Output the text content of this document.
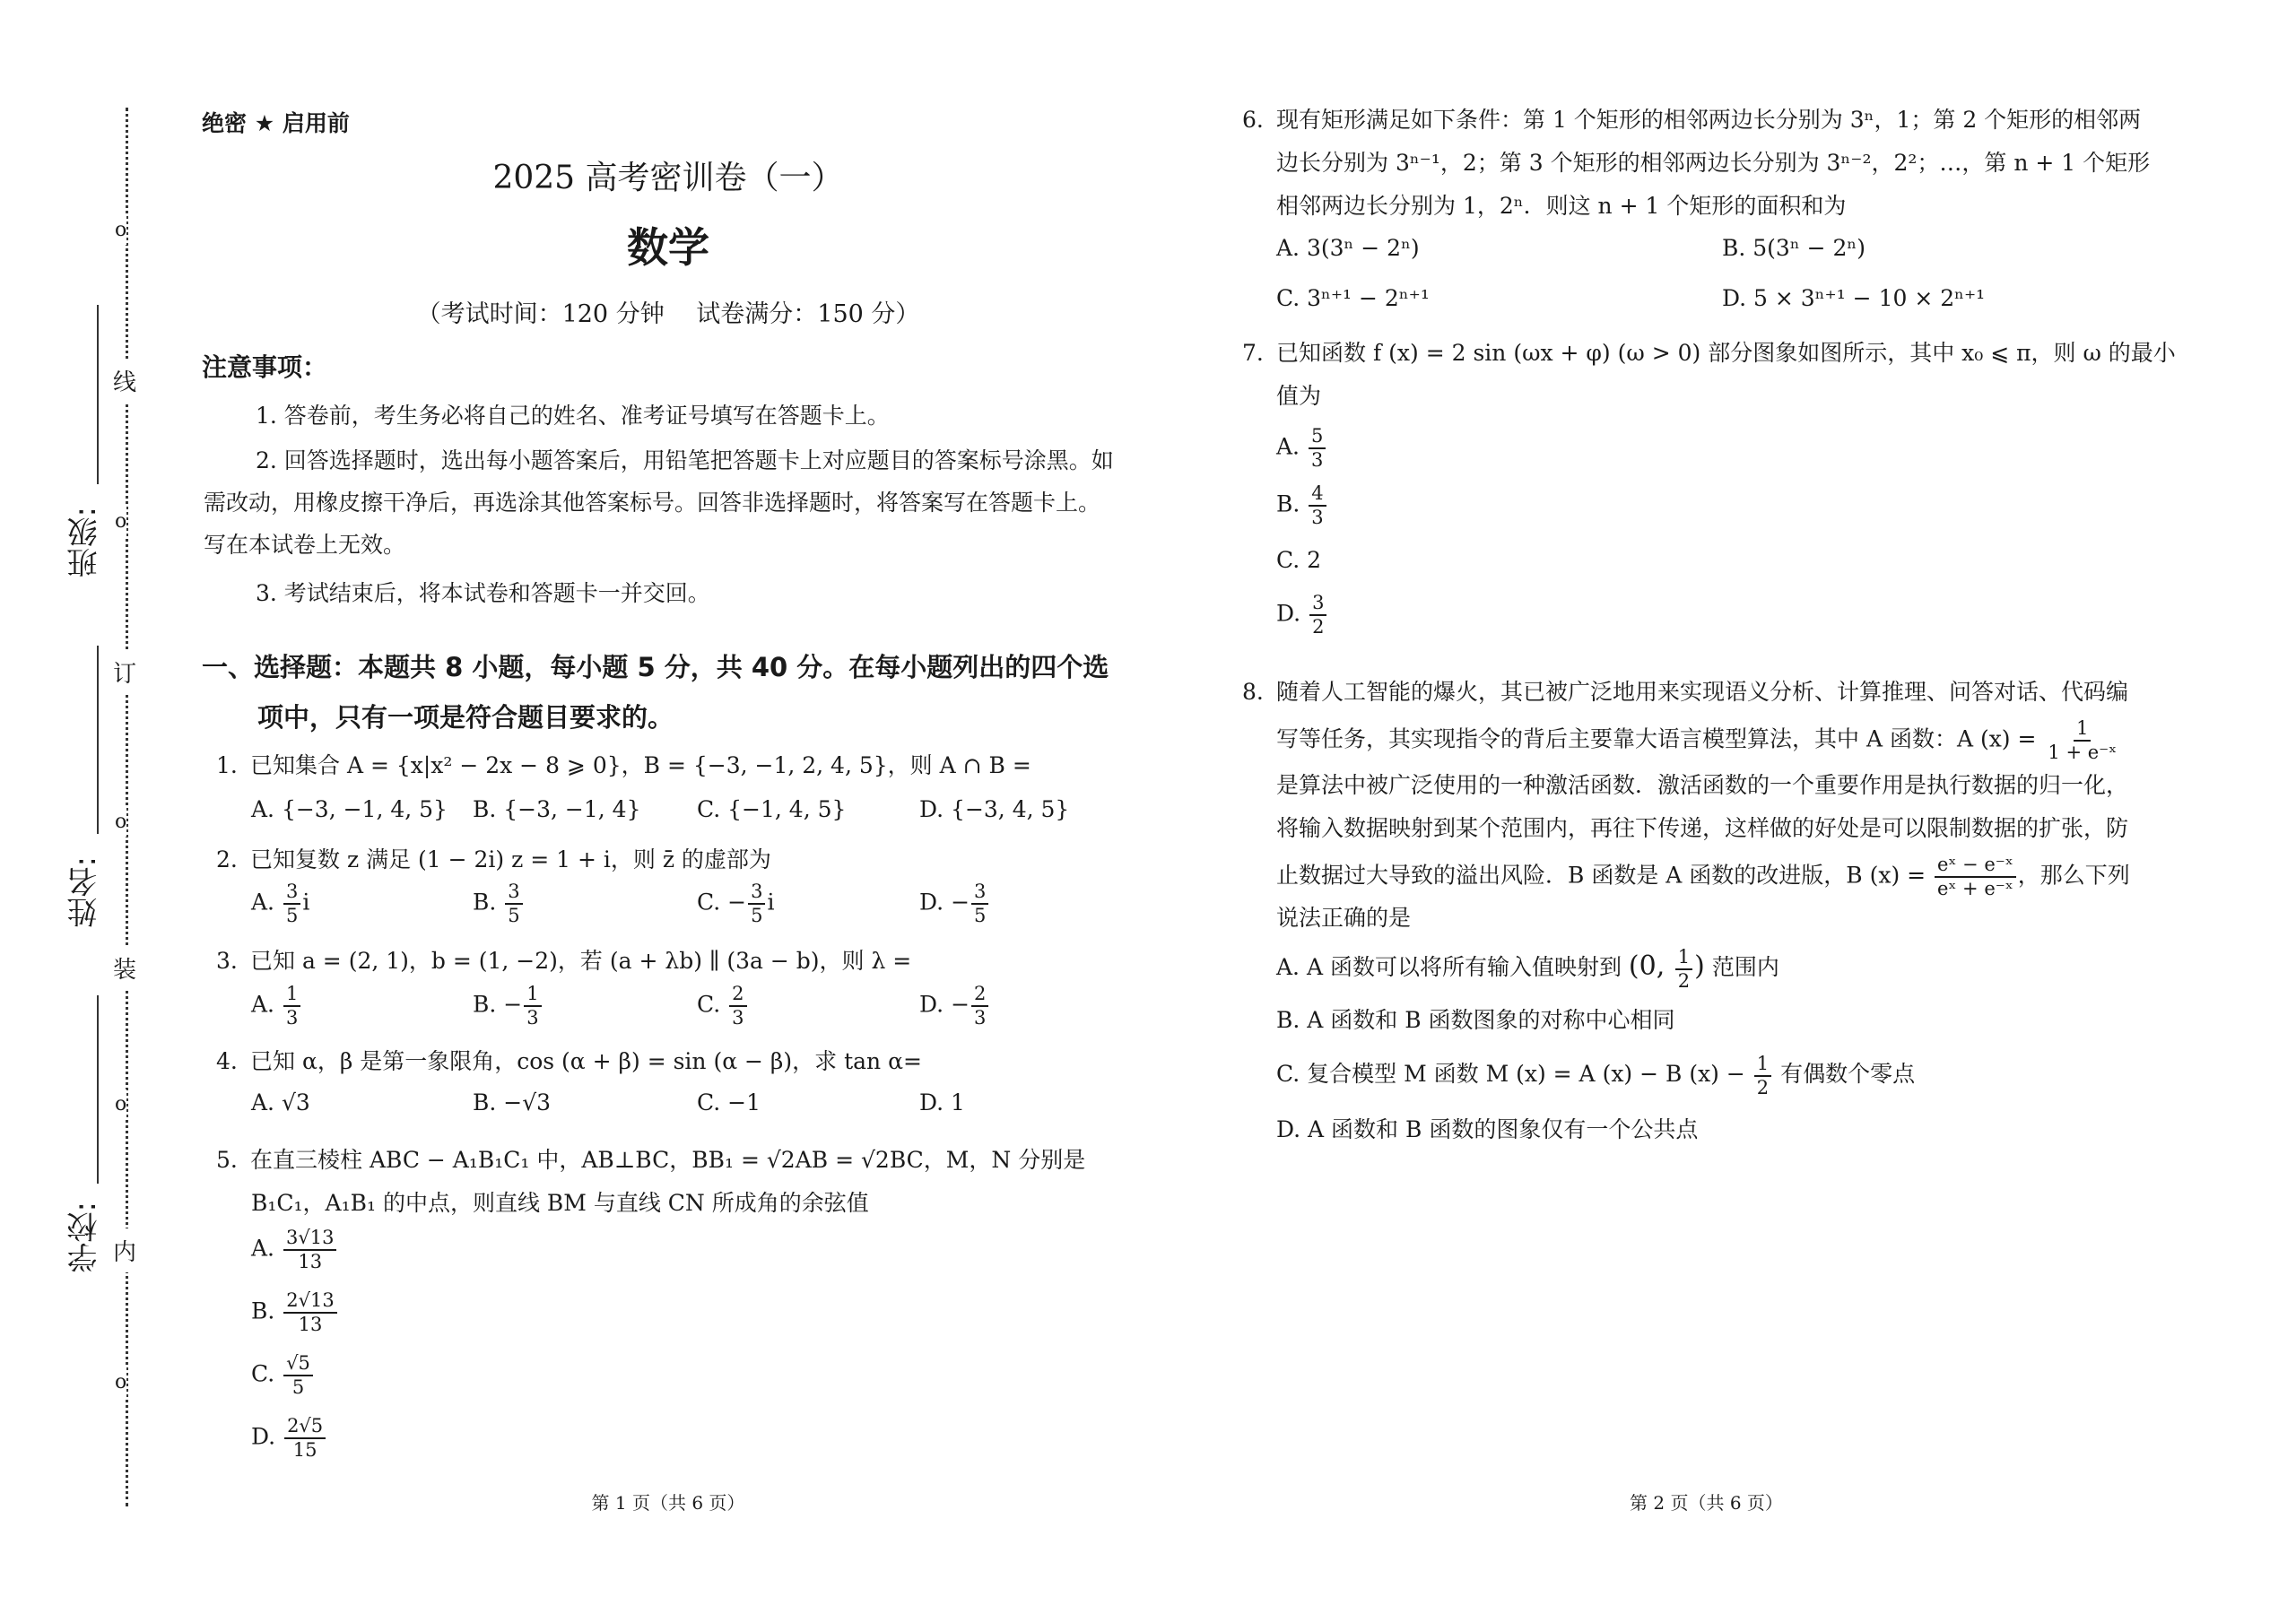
o
o
o
o
o
线
订
装
内
班级:
姓名:
学校:
绝密 ★ 启用前
2025 高考密训卷（一）
数学
（考试时间：120 分钟　 试卷满分：150 分）
注意事项：
1. 答卷前，考生务必将自己的姓名、准考证号填写在答题卡上。
2. 回答选择题时，选出每小题答案后，用铅笔把答题卡上对应题目的答案标号涂黑。如
需改动，用橡皮擦干净后，再选涂其他答案标号。回答非选择题时，将答案写在答题卡上。
写在本试卷上无效。
3. 考试结束后，将本试卷和答题卡一并交回。
一、选择题：本题共 8 小题，每小题 5 分，共 40 分。在每小题列出的四个选
项中，只有一项是符合题目要求的。
1. 已知集合 A = {x|x² − 2x − 8 ⩾ 0}，B = {−3, −1, 2, 4, 5}，则 A ∩ B =
A. {−3, −1, 4, 5} B. {−3, −1, 4}	C. {−1, 4, 5}	D. {−3, 4, 5}
2. 已知复数 z 满足 (1 − 2i) z = 1 + i，则 z̄ 的虚部为
A. $\frac{3}{5}$ i	B. $\frac{3}{5}$	C. − $\frac{3}{5}$ i	D. − $\frac{3}{5}$
3. 已知 a = (2, 1)，b = (1, −2)，若 (a + λb) ∥ (3a − b)，则 λ =
A. $\frac{1}{3}$	B. − $\frac{1}{3}$	C. $\frac{2}{3}$	D. − $\frac{2}{3}$
4. 已知 α，β 是第一象限角，cos (α + β) = sin (α − β)，求 tan α=
A. √3	B. −√3	C. −1	D. 1
5. 在直三棱柱 ABC − A₁B₁C₁ 中，AB⊥BC，BB₁ = √2AB = √2BC，M，N 分别是
B₁C₁，A₁B₁ 的中点，则直线 BM 与直线 CN 所成角的余弦值
A. $\frac{3√13}{13}$
B. $\frac{2√13}{13}$
C. $\frac{√5}{5}$
D. $\frac{2√5}{15}$
第 1 页（共 6 页）
6. 现有矩形满足如下条件：第 1 个矩形的相邻两边长分别为 3ⁿ，1；第 2 个矩形的相邻两
边长分别为 3ⁿ⁻¹，2；第 3 个矩形的相邻两边长分别为 3ⁿ⁻²，2²；…，第 n + 1 个矩形
相邻两边长分别为 1，2ⁿ．则这 n + 1 个矩形的面积和为
A. 3(3ⁿ − 2ⁿ)	B. 5(3ⁿ − 2ⁿ)
C. 3ⁿ⁺¹ − 2ⁿ⁺¹	D. 5 × 3ⁿ⁺¹ − 10 × 2ⁿ⁺¹
7. 已知函数 f (x) = 2 sin (ωx + φ) (ω > 0) 部分图象如图所示，其中 x₀ ⩽ π，则 ω 的最小
值为
A. $\frac{5}{3}$
B. $\frac{4}{3}$
C. 2
D. $\frac{3}{2}$
8. 随着人工智能的爆火，其已被广泛地用来实现语义分析、计算推理、问答对话、代码编
写等任务，其实现指令的背后主要靠大语言模型算法，其中 A 函数：A $(x) = \frac{1}{\text{1 + e⁻ˣ}}$
是算法中被广泛使用的一种激活函数．激活函数的一个重要作用是执行数据的归一化，
将输入数据映射到某个范围内，再往下传递，这样做的好处是可以限制数据的扩张，防
止数据过大导致的溢出风险．B 函数是 A 函数的改进版，B $(x) = \frac{\text{eˣ − e⁻ˣ}}{\text{eˣ + e⁻ˣ}}$ ，那么下列
说法正确的是
A. A 函数可以将所有输入值映射到 (0, $\frac{1}{2}$ ) 范围内
B. A 函数和 B 函数图象的对称中心相同
C. 复合模型 M 函数 M (x) = A (x) − B $(x) - \frac{1}{2}$ 有偶数个零点
D. A 函数和 B 函数的图象仅有一个公共点
第 2 页（共 6 页）
